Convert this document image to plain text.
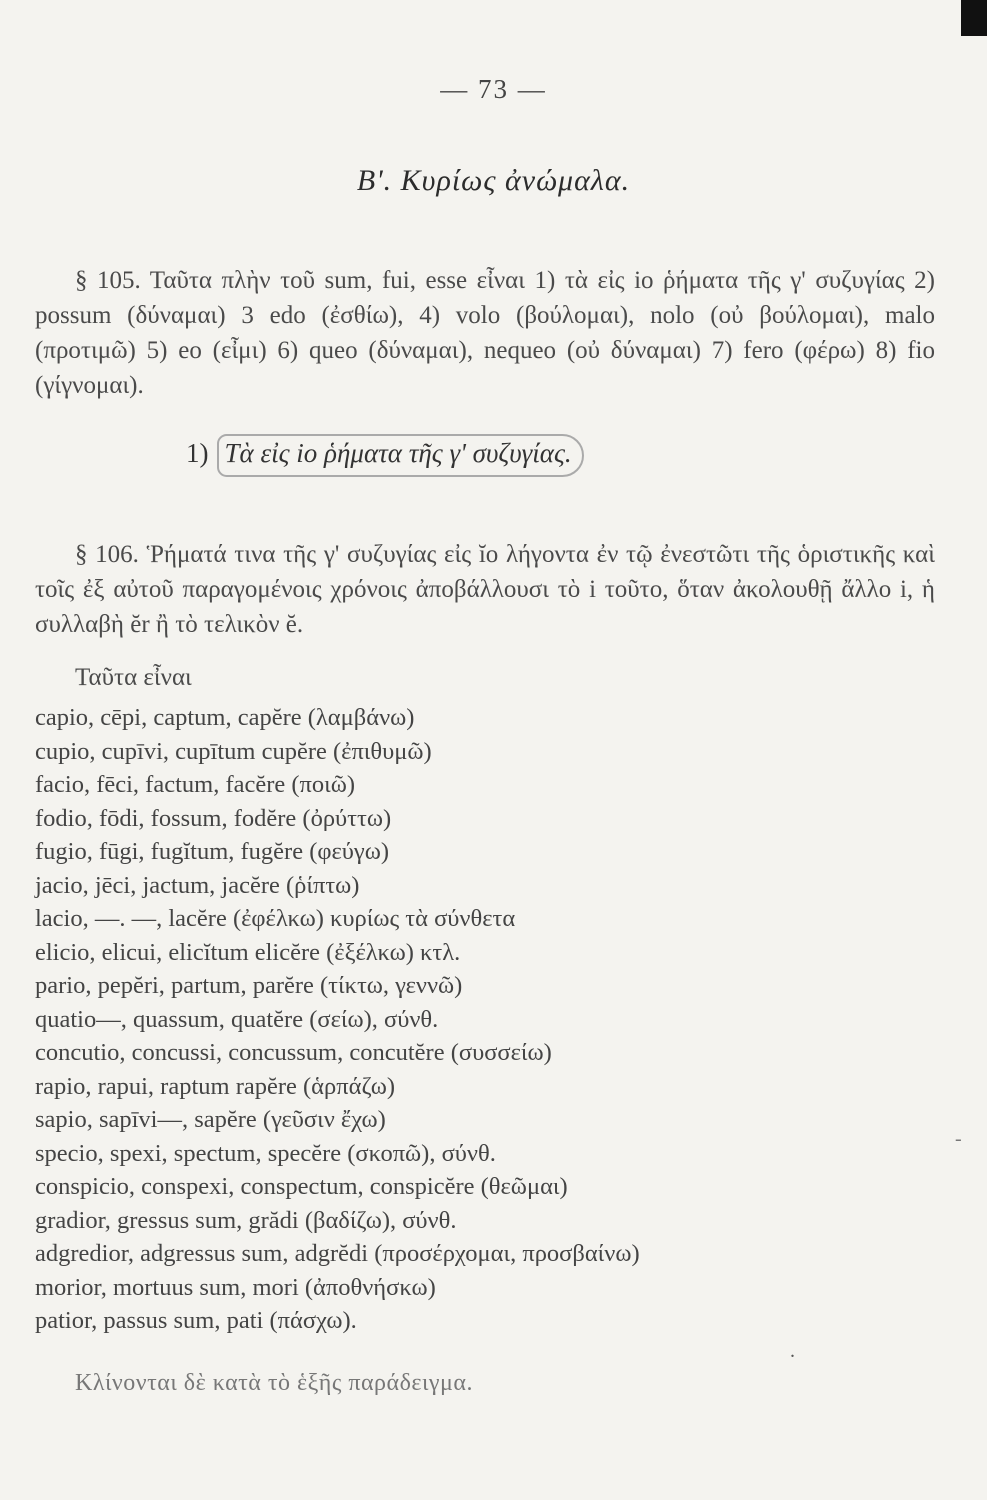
— 73 —
Β'. Κυρίως ἀνώμαλα.

§ 105. Ταῦτα πλὴν τοῦ sum, fui, esse εἶναι 1) τὰ εἰς io ῥήματα τῆς γ' συζυγίας 2) possum (δύναμαι) 3 edo (ἐσθίω), 4) volo (βούλομαι), nolo (οὐ βούλομαι), malo (προτιμῶ) 5) eo (εἶμι) 6) queo (δύναμαι), nequeo (οὐ δύναμαι) 7) fero (φέρω) 8) fio (γίγνομαι).

1) Τὰ εἰς io ῥήματα τῆς γ' συζυγίας.

§ 106. Ῥήματά τινα τῆς γ' συζυγίας εἰς ĭo λήγοντα ἐν τῷ ἐνεστῶτι τῆς ὁριστικῆς καὶ τοῖς ἐξ αὐτοῦ παραγομένοις χρόνοις ἀποβάλλουσι τὸ i τοῦτο, ὅταν ἀκολουθῇ ἄλλο i, ἡ συλλαβὴ ĕr ἢ τὸ τελικὸν ĕ.

Ταῦτα εἶναι
capio, cēpi, captum, capĕre (λαμβάνω)
cupio, cupīvi, cupītum cupĕre (ἐπιθυμῶ)
facio, fēci, factum, facĕre (ποιῶ)
fodio, fōdi, fossum, fodĕre (ὀρύττω)
fugio, fūgi, fugĭtum, fugĕre (φεύγω)
jacio, jēci, jactum, jacĕre (ῥίπτω)
lacio, —. —, lacĕre (ἐφέλκω) κυρίως τὰ σύνθετα
elicio, elicui, elicĭtum elicĕre (ἐξέλκω) κτλ.
pario, pepĕri, partum, parĕre (τίκτω, γεννῶ)
quatio—, quassum, quatĕre (σείω), σύνθ.
concutio, concussi, concussum, concutĕre (συσσείω)
rapio, rapui, raptum rapĕre (ἁρπάζω)
sapio, sapīvi—, sapĕre (γεῦσιν ἔχω)
specio, spexi, spectum, specĕre (σκοπῶ), σύνθ.
conspicio, conspexi, conspectum, conspicĕre (θεῶμαι)
gradior, gressus sum, grădi (βαδίζω), σύνθ.
adgredior, adgressus sum, adgrĕdi (προσέρχομαι, προσβαίνω)
morior, mortuus sum, mori (ἀποθνήσκω)
patior, passus sum, pati (πάσχω).
Κλίνονται δὲ κατὰ τὸ ἑξῆς παράδειγμα.
-
.
